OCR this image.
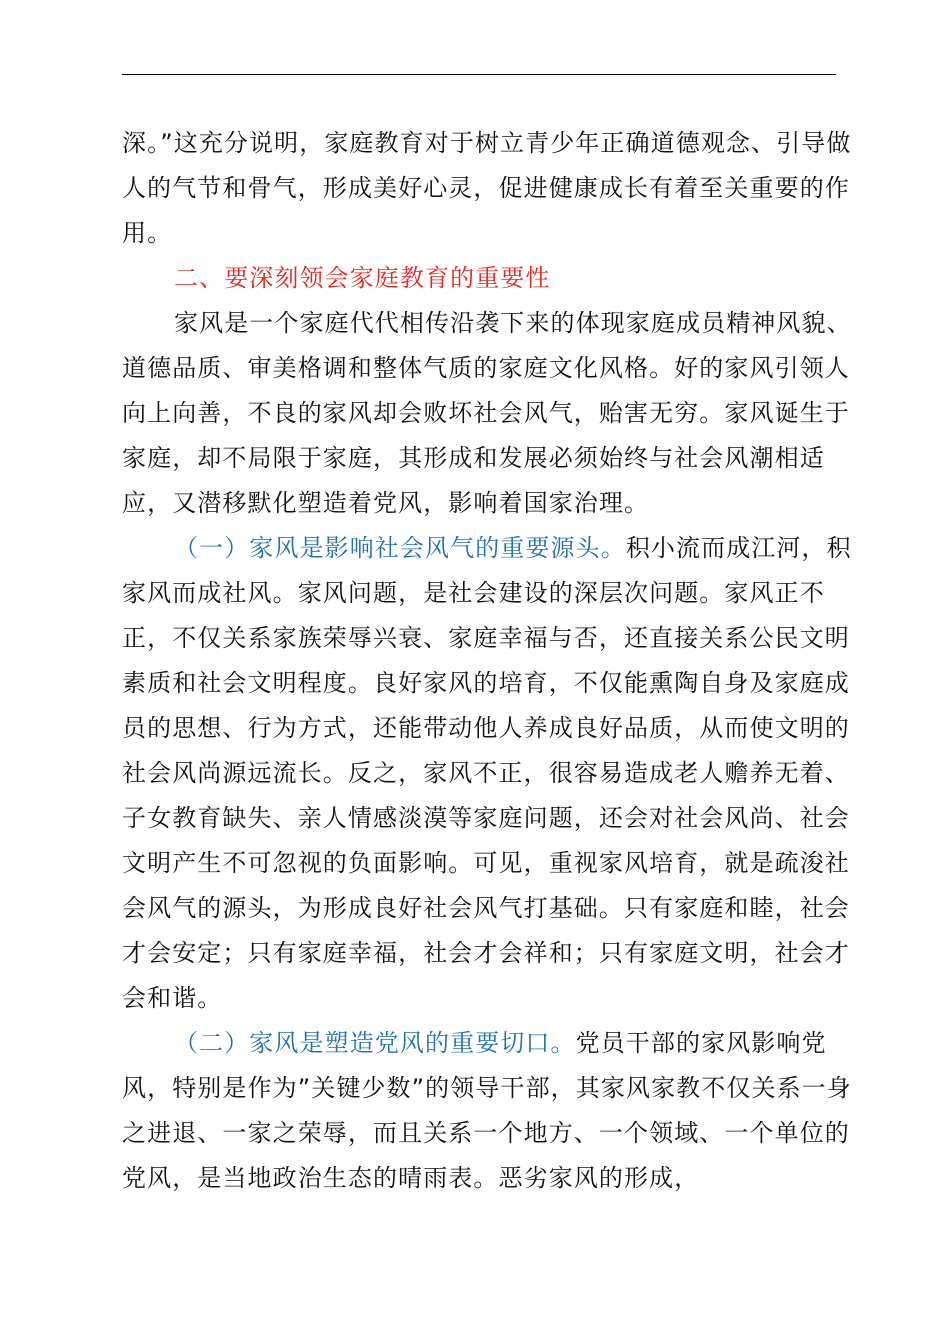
深。”这充分说明，家庭教育对于树立青少年正确道德观念、引导做人的气节和骨气，形成美好心灵，促进健康成长有着至关重要的作用。

二、要深刻领会家庭教育的重要性

家风是一个家庭代代相传沿袭下来的体现家庭成员精神风貌、道德品质、审美格调和整体气质的家庭文化风格。好的家风引领人向上向善，不良的家风却会败坏社会风气，贻害无穷。家风诞生于家庭，却不局限于家庭，其形成和发展必须始终与社会风潮相适应，又潜移默化塑造着党风，影响着国家治理。

（一）家风是影响社会风气的重要源头。积小流而成江河，积家风而成社风。家风问题，是社会建设的深层次问题。家风正不正，不仅关系家族荣辱兴衰、家庭幸福与否，还直接关系公民文明素质和社会文明程度。良好家风的培育，不仅能熏陶自身及家庭成员的思想、行为方式，还能带动他人养成良好品质，从而使文明的社会风尚源远流长。反之，家风不正，很容易造成老人赡养无着、子女教育缺失、亲人情感淡漠等家庭问题，还会对社会风尚、社会文明产生不可忽视的负面影响。可见，重视家风培育，就是疏浚社会风气的源头，为形成良好社会风气打基础。只有家庭和睦，社会才会安定；只有家庭幸福，社会才会祥和；只有家庭文明，社会才会和谐。

（二）家风是塑造党风的重要切口。党员干部的家风影响党风，特别是作为”关键少数”的领导干部，其家风家教不仅关系一身之进退、一家之荣辱，而且关系一个地方、一个领域、一个单位的党风，是当地政治生态的晴雨表。恶劣家风的形成，
